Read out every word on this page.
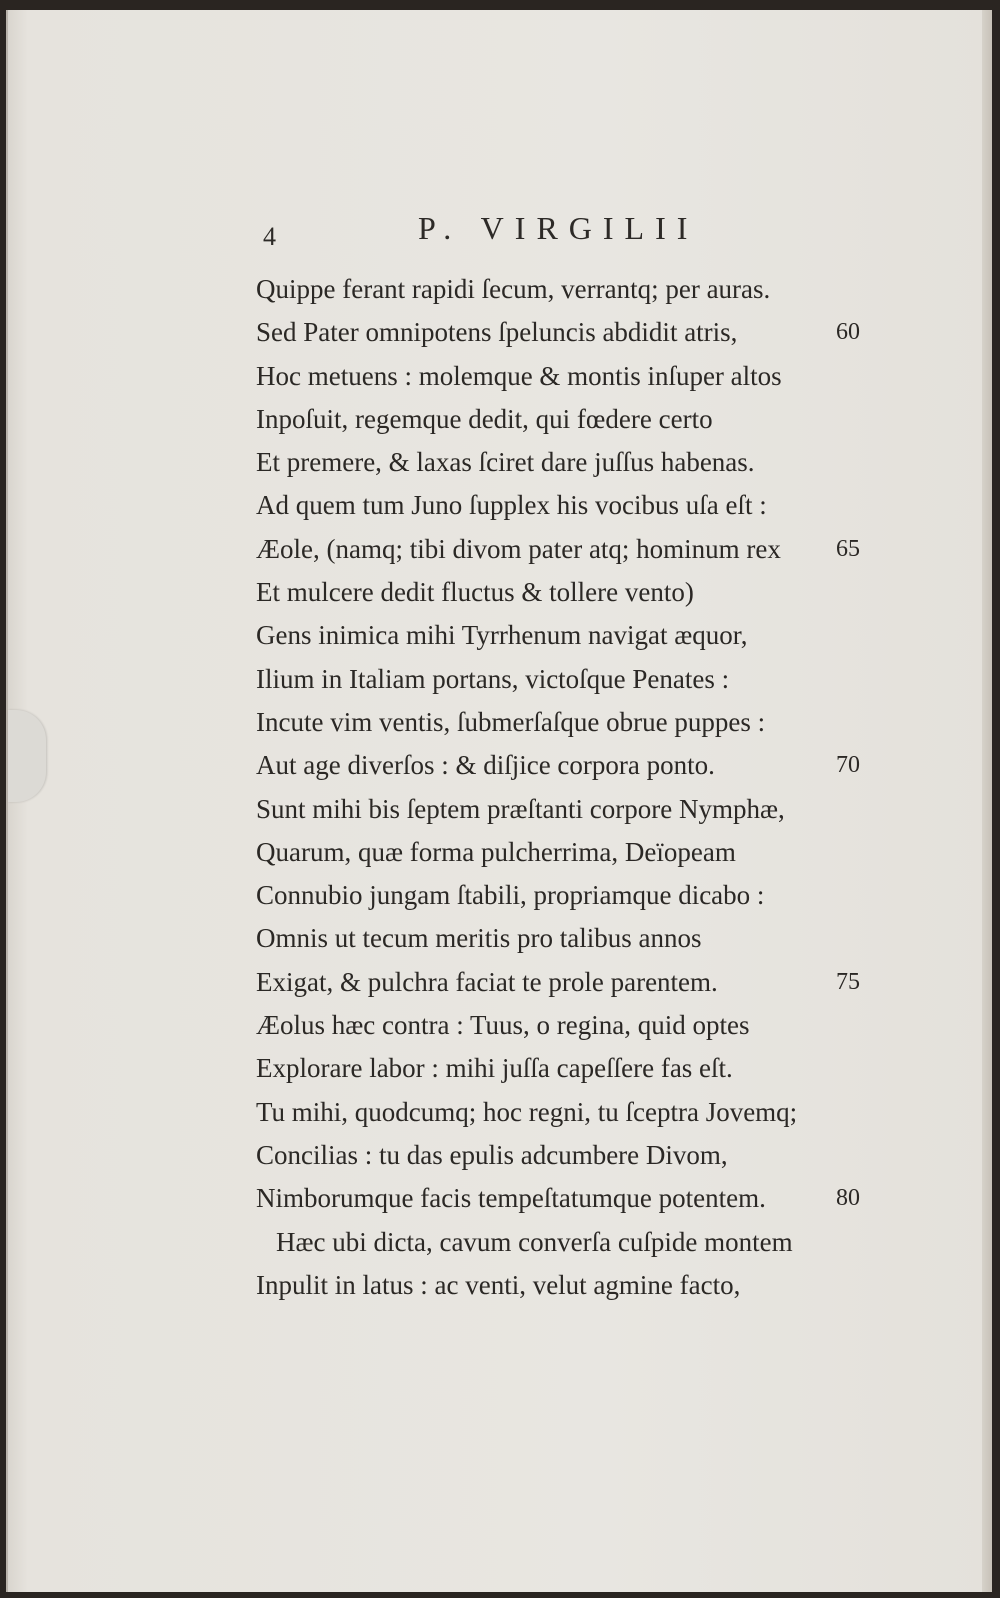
4	P. VIRGILII
Quippe ferant rapidi ſecum, verrantq; per auras.
Sed Pater omnipotens ſpeluncis abdidit atris,	60
Hoc metuens : molemque & montis inſuper altos
Inpoſuit, regemque dedit, qui fœdere certo
Et premere, & laxas ſciret dare juſſus habenas.
Ad quem tum Juno ſupplex his vocibus uſa eſt :
Æole, (namq; tibi divom pater atq; hominum rex 65
Et mulcere dedit fluctus & tollere vento)
Gens inimica mihi Tyrrhenum navigat æquor,
Ilium in Italiam portans, victoſque Penates :
Incute vim ventis, ſubmerſaſque obrue puppes :
Aut age diverſos : & diſjice corpora ponto.	70
Sunt mihi bis ſeptem præſtanti corpore Nymphæ,
Quarum, quæ forma pulcherrima, Deïopeam
Connubio jungam ſtabili, propriamque dicabo :
Omnis ut tecum meritis pro talibus annos
Exigat, & pulchra faciat te prole parentem.	75
Æolus hæc contra : Tuus, o regina, quid optes
Explorare labor : mihi juſſa capeſſere fas eſt.
Tu mihi, quodcumq; hoc regni, tu ſceptra Jovemq;
Concilias : tu das epulis adcumbere Divom,
Nimborumque facis tempeſtatumque potentem.	80
Hæc ubi dicta, cavum converſa cuſpide montem
Inpulit in latus : ac venti, velut agmine facto,
